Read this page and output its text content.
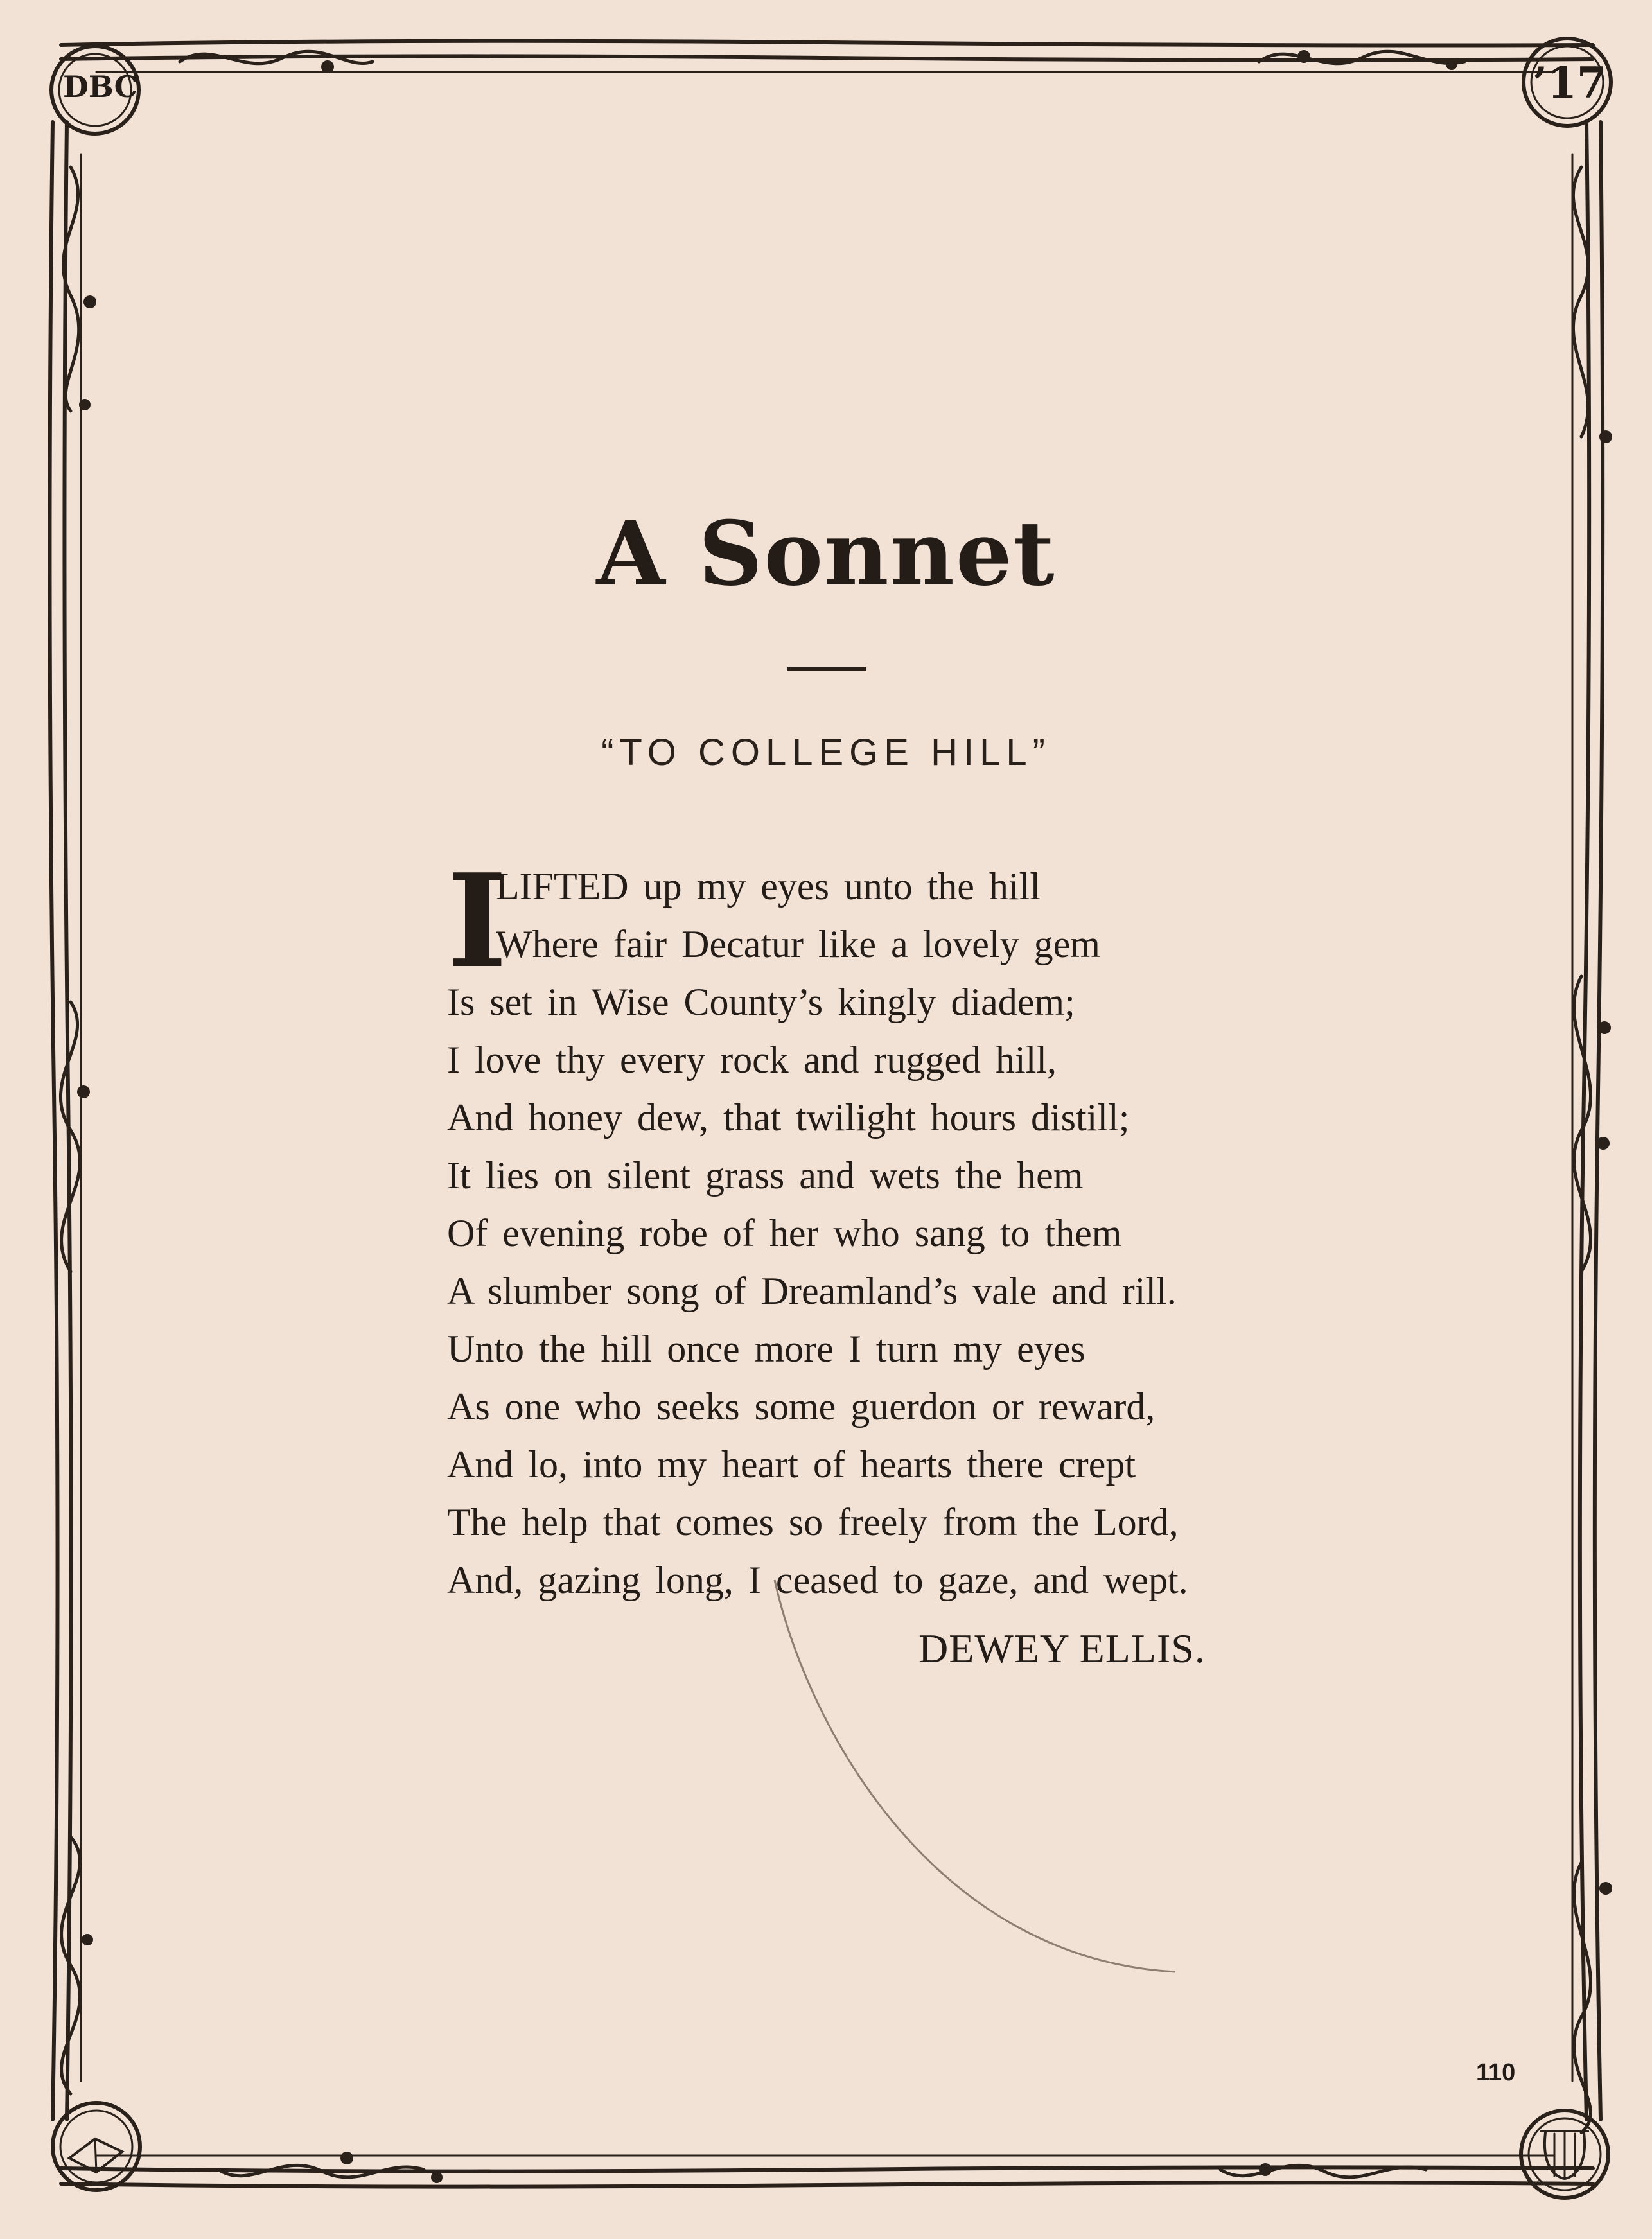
DBC	’17
A Sonnet
“TO COLLEGE HILL”
I
LIFTED up my eyes unto the hill
Where fair Decatur like a lovely gem
Is set in Wise County’s kingly diadem;
I love thy every rock and rugged hill,
And honey dew, that twilight hours distill;
It lies on silent grass and wets the hem
Of evening robe of her who sang to them
A slumber song of Dreamland’s vale and rill.
Unto the hill once more I turn my eyes
As one who seeks some guerdon or reward,
And lo, into my heart of hearts there crept
The help that comes so freely from the Lord,
And, gazing long, I ceased to gaze, and wept.
DEWEY ELLIS.
110
